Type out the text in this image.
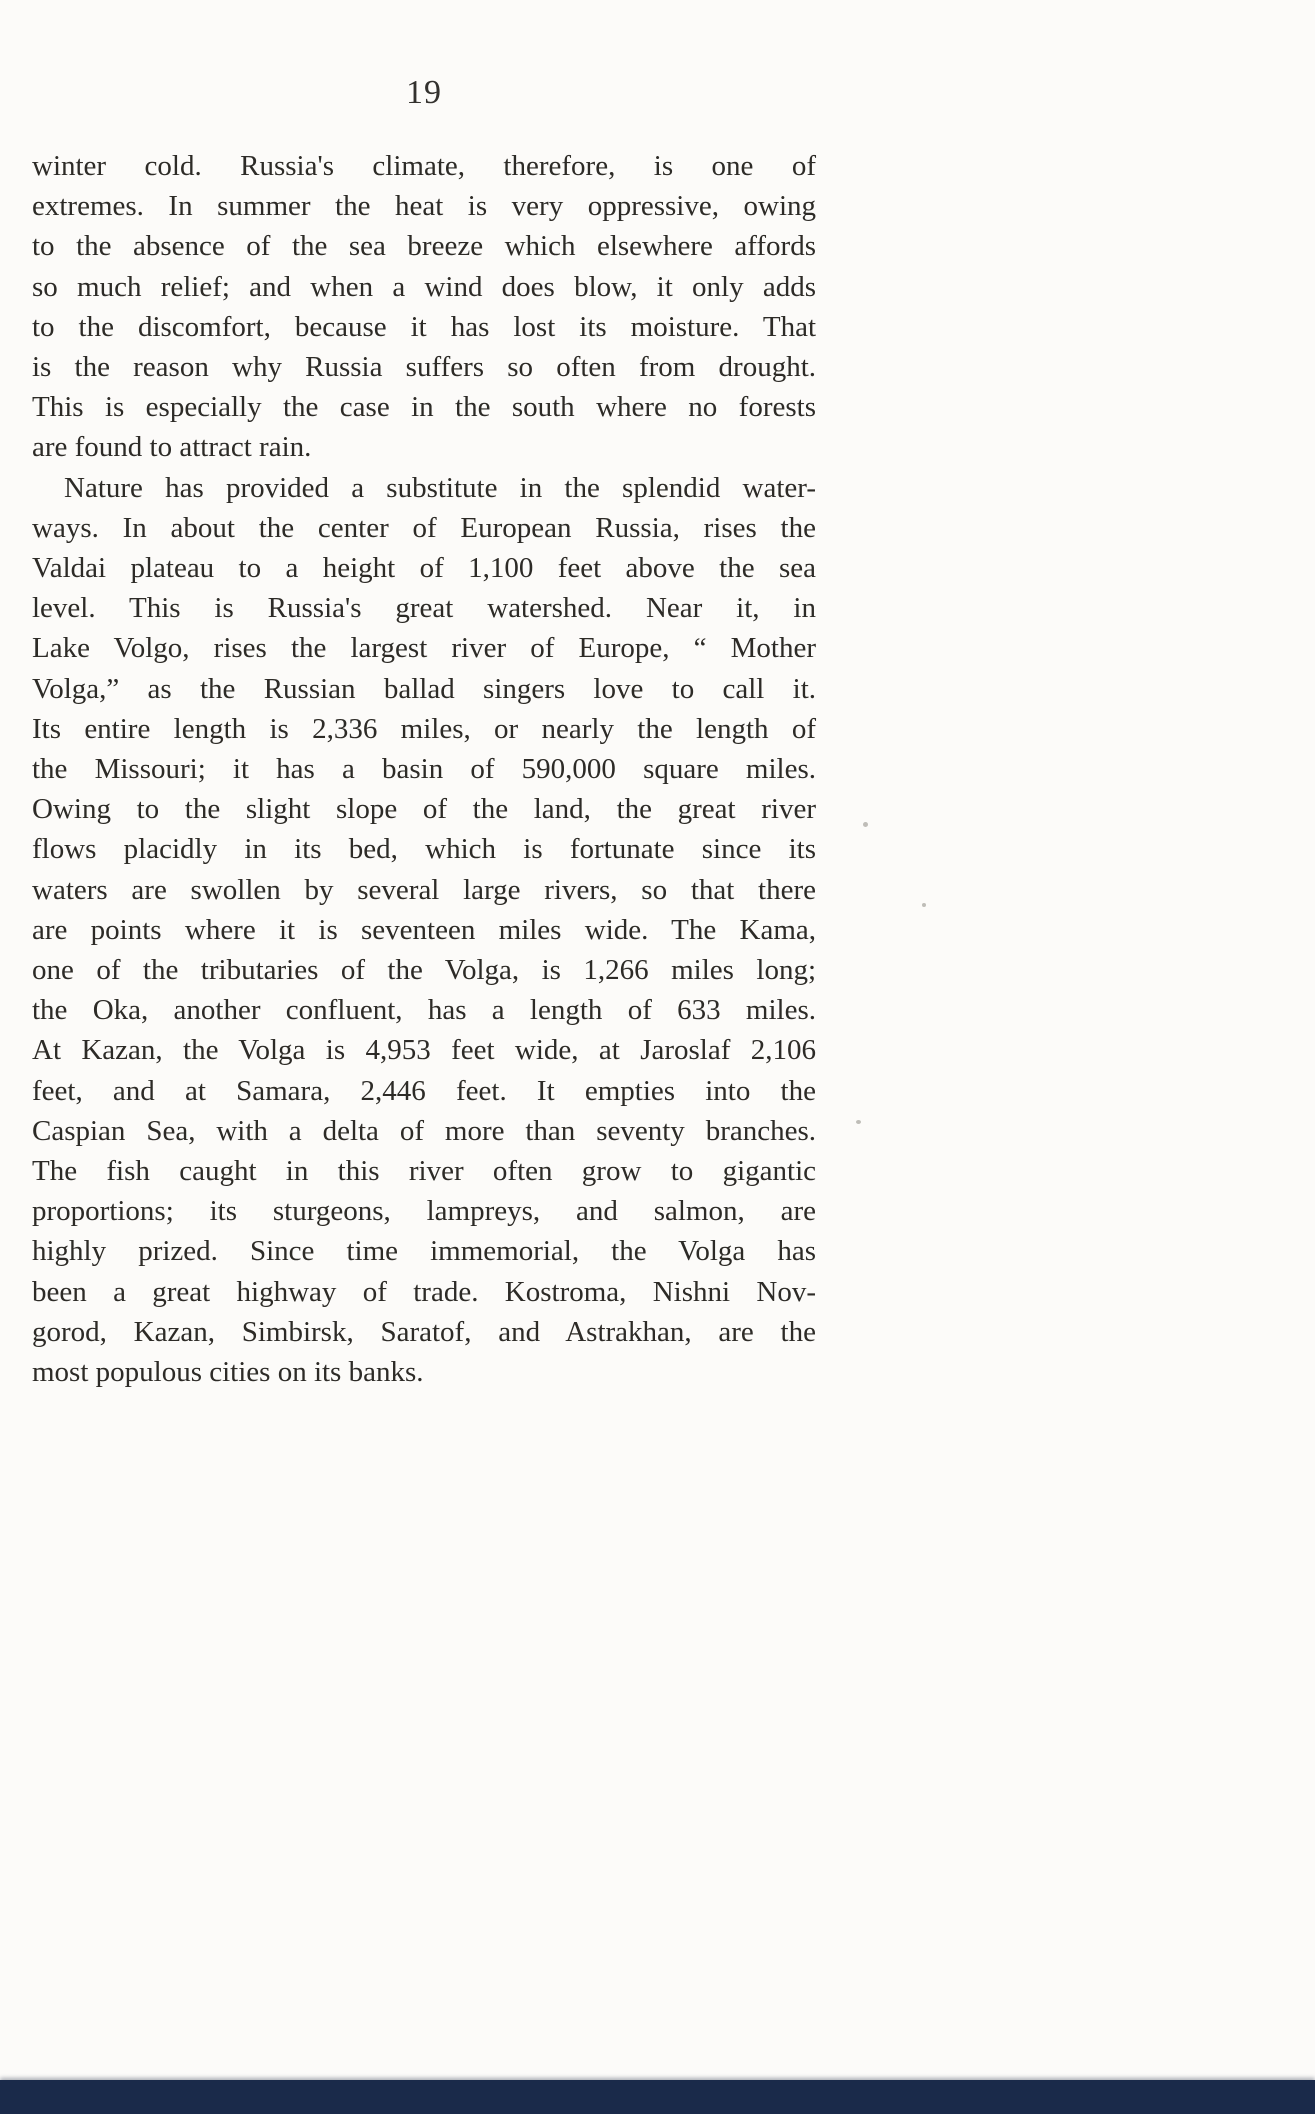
19
winter cold. Russia's climate, therefore, is one of
extremes. In summer the heat is very oppressive, owing
to the absence of the sea breeze which elsewhere affords
so much relief; and when a wind does blow, it only adds
to the discomfort, because it has lost its moisture. That
is the reason why Russia suffers so often from drought.
This is especially the case in the south where no forests
are found to attract rain.
Nature has provided a substitute in the splendid water-
ways. In about the center of European Russia, rises the
Valdai plateau to a height of 1,100 feet above the sea
level. This is Russia's great watershed. Near it, in
Lake Volgo, rises the largest river of Europe, “ Mother
Volga,” as the Russian ballad singers love to call it.
Its entire length is 2,336 miles, or nearly the length of
the Missouri; it has a basin of 590,000 square miles.
Owing to the slight slope of the land, the great river
flows placidly in its bed, which is fortunate since its
waters are swollen by several large rivers, so that there
are points where it is seventeen miles wide. The Kama,
one of the tributaries of the Volga, is 1,266 miles long;
the Oka, another confluent, has a length of 633 miles.
At Kazan, the Volga is 4,953 feet wide, at Jaroslaf 2,106
feet, and at Samara, 2,446 feet. It empties into the
Caspian Sea, with a delta of more than seventy branches.
The fish caught in this river often grow to gigantic
proportions; its sturgeons, lampreys, and salmon, are
highly prized. Since time immemorial, the Volga has
been a great highway of trade. Kostroma, Nishni Nov-
gorod, Kazan, Simbirsk, Saratof, and Astrakhan, are the
most populous cities on its banks.
